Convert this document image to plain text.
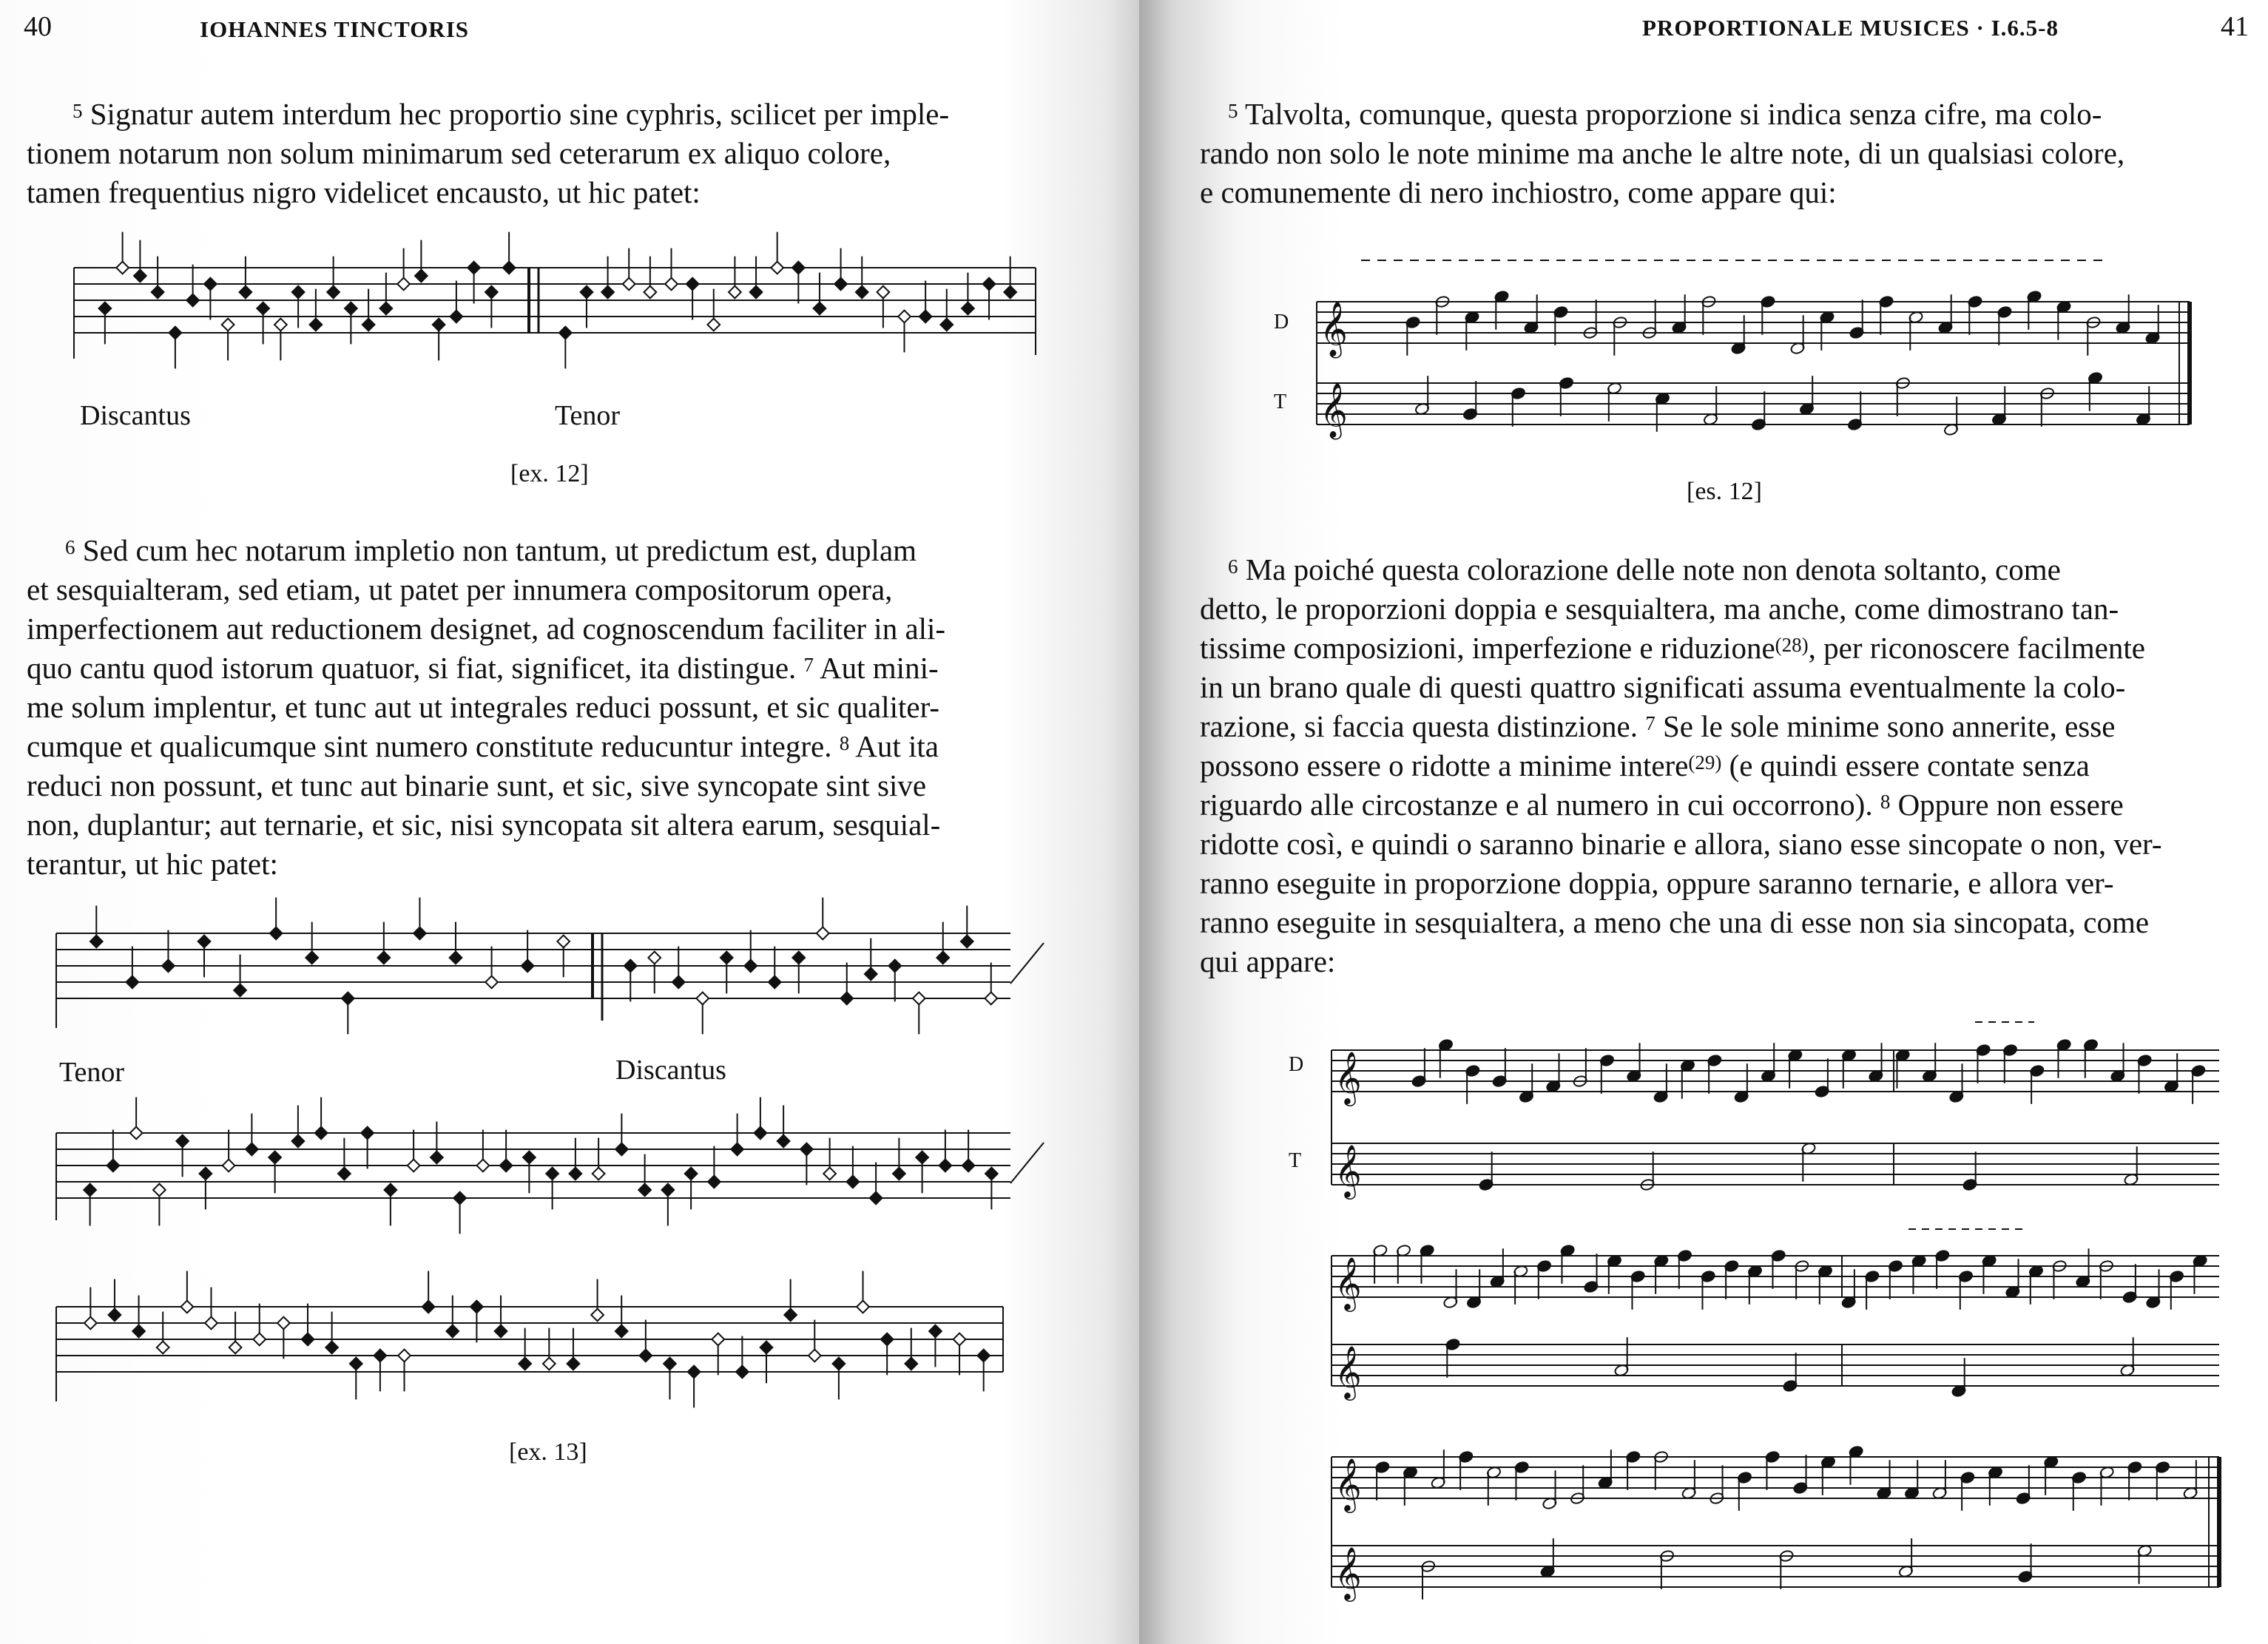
40	IOHANNES TINCTORIS
$^5$ Signatur autem interdum hec proportio sine cyphris, scilicet per imple-
tionem notarum non solum minimarum sed ceterarum ex aliquo colore,
tamen frequentius nigro videlicet encausto, ut hic patet:
Discantus	Tenor
[ex. 12]
$^6$ Sed cum hec notarum impletio non tantum, ut predictum est, duplam
et sesquialteram, sed etiam, ut patet per innumera compositorum opera,
imperfectionem aut reductionem designet, ad cognoscendum faciliter in ali-
quo cantu quod istorum quatuor, si fiat, significet, ita distingue. $^7$ Aut mini-
me solum implentur, et tunc aut ut integrales reduci possunt, et sic qualiter-
cumque et qualicumque sint numero constitute reducuntur integre. $^8$ Aut ita
reduci non possunt, et tunc aut binarie sunt, et sic, sive syncopate sint sive
non, duplantur; aut ternarie, et sic, nisi syncopata sit altera earum, sesquial-
terantur, ut hic patet:
Tenor	Discantus
[ex. 13]
PROPORTIONALE MUSICES · I.6.5-8	41
$^5$ Talvolta, comunque, questa proporzione si indica senza cifre, ma colo-
rando non solo le note minime ma anche le altre note, di un qualsiasi colore,
e comunemente di nero inchiostro, come appare qui:
D
T
𝄞
𝄞
[es. 12]
$^6$ Ma poiché questa colorazione delle note non denota soltanto, come
detto, le proporzioni doppia e sesquialtera, ma anche, come dimostrano tan-
tissime composizioni, imperfezione e riduzione$^{(28)}$, per riconoscere facilmente
in un brano quale di questi quattro significati assuma eventualmente la colo-
razione, si faccia questa distinzione. $^7$ Se le sole minime sono annerite, esse
possono essere o ridotte a minime intere$^{(29)}$ (e quindi essere contate senza
riguardo alle circostanze e al numero in cui occorrono). $^8$ Oppure non essere
ridotte così, e quindi o saranno binarie e allora, siano esse sincopate o non, ver-
ranno eseguite in proporzione doppia, oppure saranno ternarie, e allora ver-
ranno eseguite in sesquialtera, a meno che una di esse non sia sincopata, come
qui appare:
D
T
𝄞
𝄞
𝄞
𝄞
𝄞
𝄞
